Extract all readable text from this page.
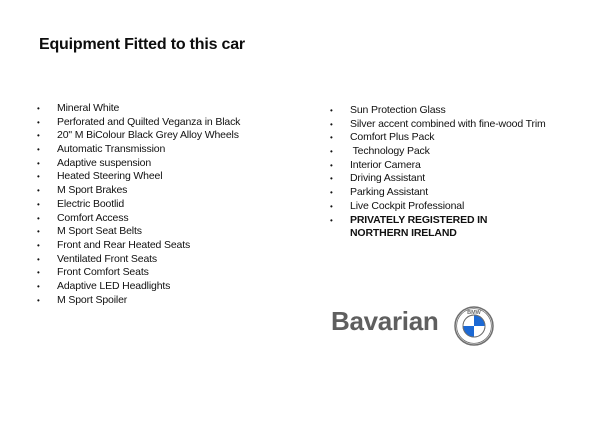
Equipment Fitted to this car
• Mineral White
• Perforated and Quilted Veganza in Black
• 20" M BiColour Black Grey Alloy Wheels
• Automatic Transmission
• Adaptive suspension
• Heated Steering Wheel
• M Sport Brakes
• Electric Bootlid
• Comfort Access
• M Sport Seat Belts
• Front and Rear Heated Seats
• Ventilated Front Seats
• Front Comfort Seats
• Adaptive LED Headlights
• M Sport Spoiler
• Sun Protection Glass
• Silver accent combined with fine-wood Trim
• Comfort Plus Pack
• Technology Pack
• Interior Camera
• Driving Assistant
• Parking Assistant
• Live Cockpit Professional
• PRIVATELY REGISTERED IN
NORTHERN IRELAND
Bavarian	BMW
